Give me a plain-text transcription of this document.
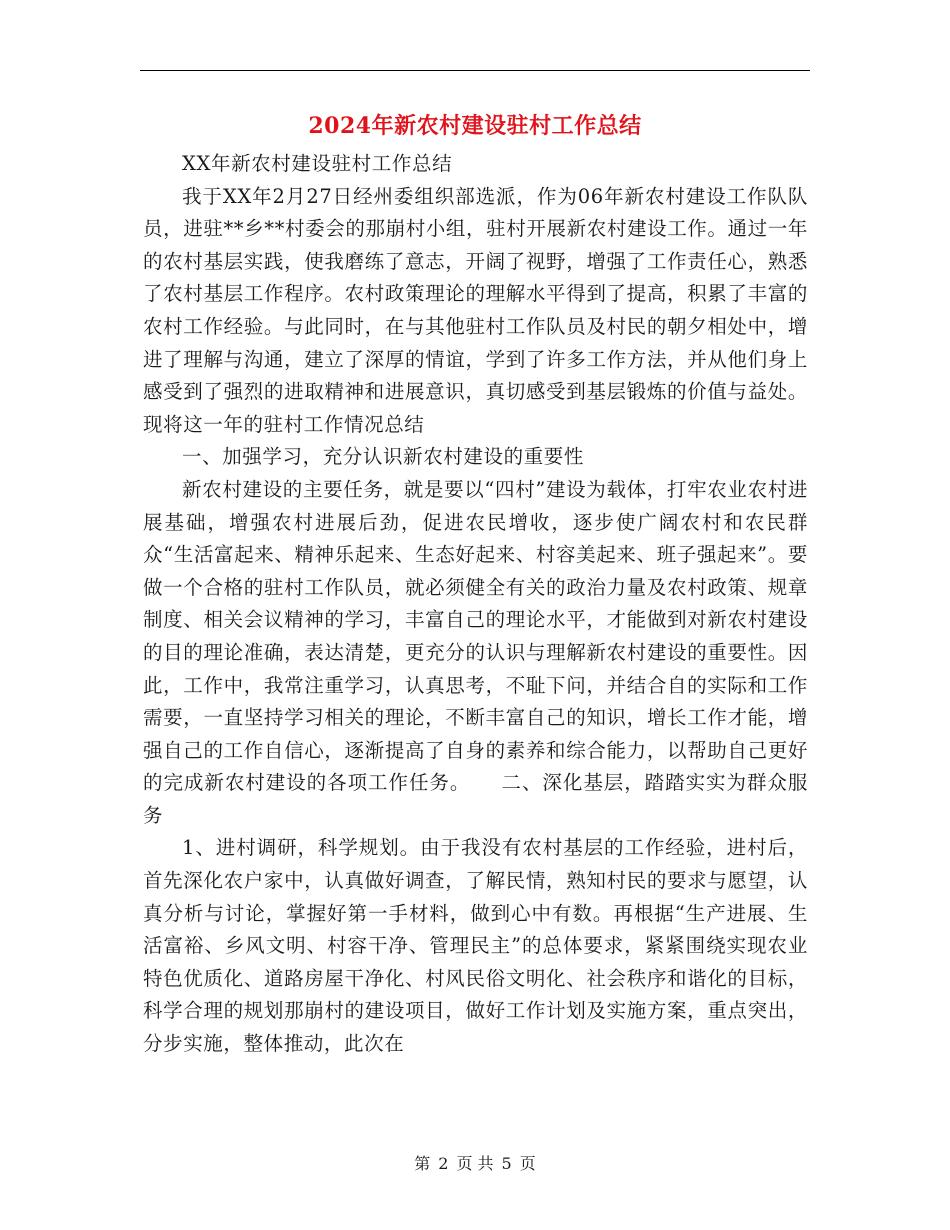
2024年新农村建设驻村工作总结

XX年新农村建设驻村工作总结

我于XX年2月27日经州委组织部选派，作为06年新农村建设工作队队员，进驻**乡**村委会的那崩村小组，驻村开展新农村建设工作。通过一年的农村基层实践，使我磨练了意志，开阔了视野，增强了工作责任心，熟悉了农村基层工作程序。农村政策理论的理解水平得到了提高，积累了丰富的农村工作经验。与此同时，在与其他驻村工作队员及村民的朝夕相处中，增进了理解与沟通，建立了深厚的情谊，学到了许多工作方法，并从他们身上感受到了强烈的进取精神和进展意识，真切感受到基层锻炼的价值与益处。现将这一年的驻村工作情况总结

一、加强学习，充分认识新农村建设的重要性

新农村建设的主要任务，就是要以“四村”建设为载体，打牢农业农村进展基础，增强农村进展后劲，促进农民增收，逐步使广阔农村和农民群众“生活富起来、精神乐起来、生态好起来、村容美起来、班子强起来”。要做一个合格的驻村工作队员，就必须健全有关的政治力量及农村政策、规章制度、相关会议精神的学习，丰富自己的理论水平，才能做到对新农村建设的目的理论准确，表达清楚，更充分的认识与理解新农村建设的重要性。因此，工作中，我常注重学习，认真思考，不耻下问，并结合自的实际和工作需要，一直坚持学习相关的理论，不断丰富自己的知识，增长工作才能，增强自己的工作自信心，逐渐提高了自身的素养和综合能力，以帮助自己更好的完成新农村建设的各项工作任务。　　二、深化基层，踏踏实实为群众服务

1、进村调研，科学规划。由于我没有农村基层的工作经验，进村后，首先深化农户家中，认真做好调查，了解民情，熟知村民的要求与愿望，认真分析与讨论，掌握好第一手材料，做到心中有数。再根据“生产进展、生活富裕、乡风文明、村容干净、管理民主”的总体要求，紧紧围绕实现农业特色优质化、道路房屋干净化、村风民俗文明化、社会秩序和谐化的目标，科学合理的规划那崩村的建设项目，做好工作计划及实施方案，重点突出，分步实施，整体推动，此次在

第 2 页 共 5 页
